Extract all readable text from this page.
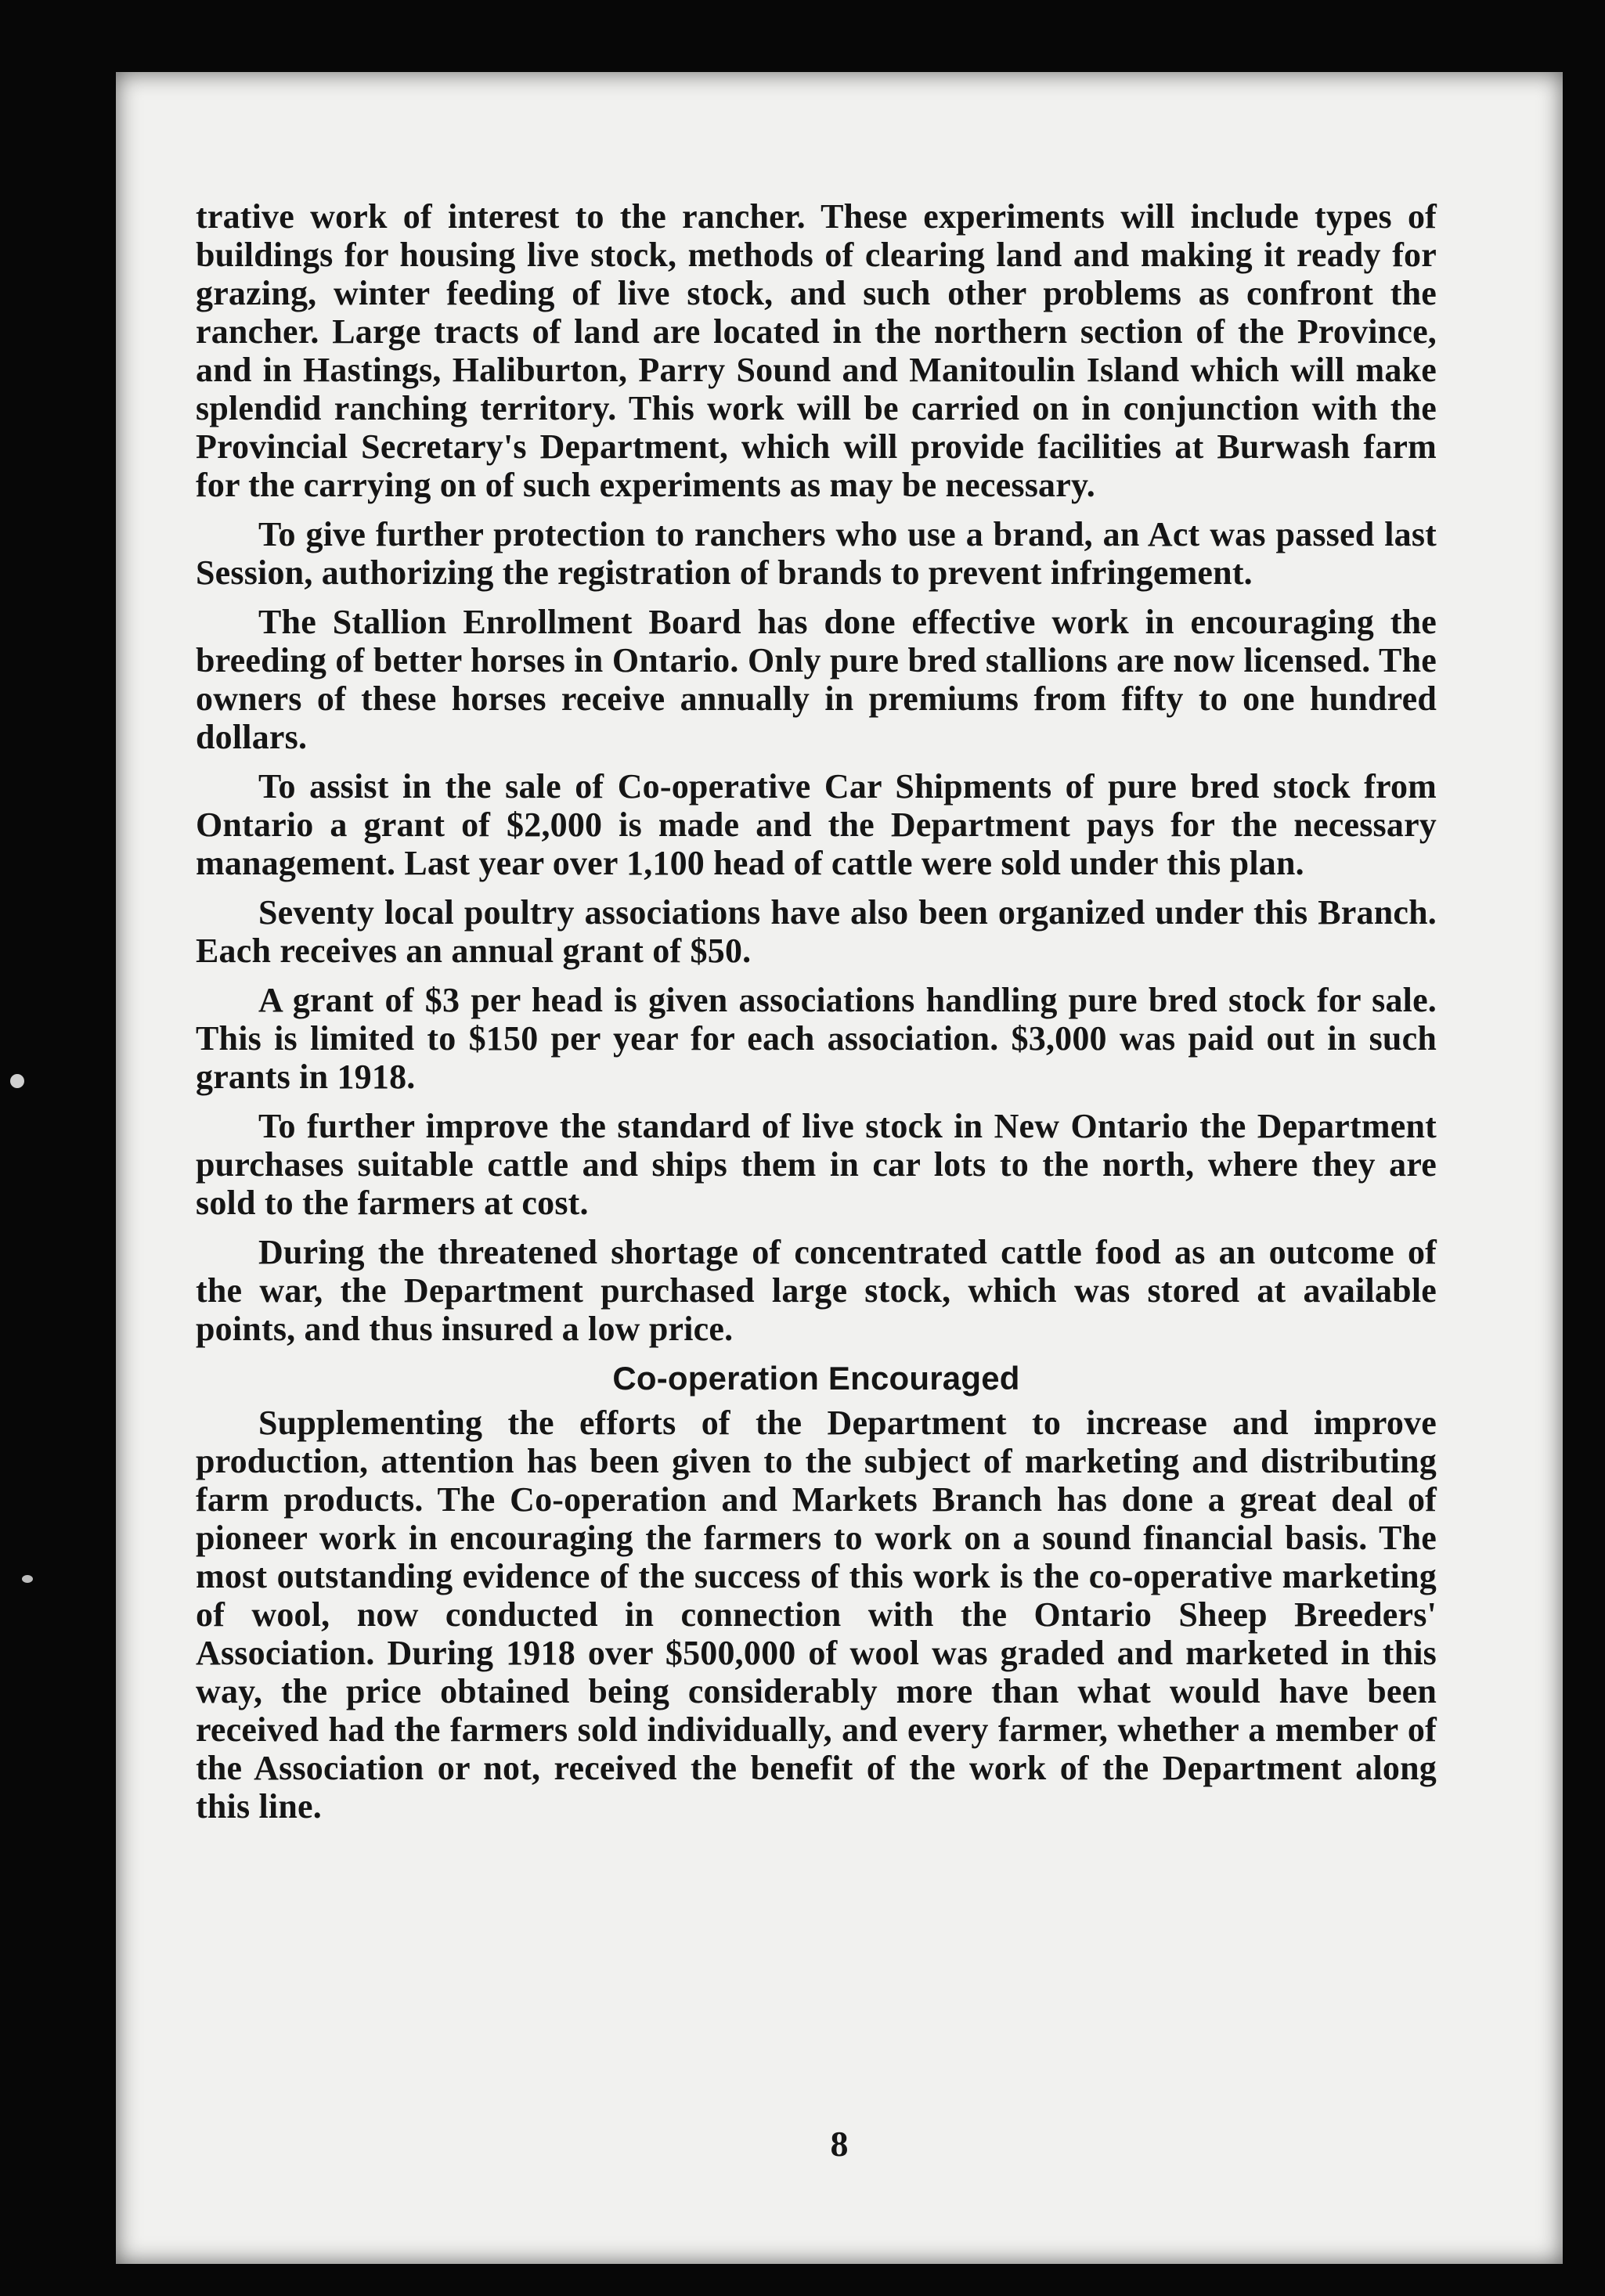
trative work of interest to the rancher. These experiments will include types of buildings for housing live stock, methods of clearing land and making it ready for grazing, winter feeding of live stock, and such other problems as confront the rancher. Large tracts of land are located in the northern section of the Province, and in Hastings, Haliburton, Parry Sound and Manitoulin Island which will make splendid ranching territory. This work will be carried on in conjunction with the Provincial Secretary's Department, which will provide facilities at Burwash farm for the carrying on of such experiments as may be necessary.

To give further protection to ranchers who use a brand, an Act was passed last Session, authorizing the registration of brands to prevent infringement.

The Stallion Enrollment Board has done effective work in encouraging the breeding of better horses in Ontario. Only pure bred stallions are now licensed. The owners of these horses receive annually in premiums from fifty to one hundred dollars.

To assist in the sale of Co-operative Car Shipments of pure bred stock from Ontario a grant of $2,000 is made and the Department pays for the necessary management. Last year over 1,100 head of cattle were sold under this plan.

Seventy local poultry associations have also been organized under this Branch. Each receives an annual grant of $50.

A grant of $3 per head is given associations handling pure bred stock for sale. This is limited to $150 per year for each association. $3,000 was paid out in such grants in 1918.

To further improve the standard of live stock in New Ontario the Department purchases suitable cattle and ships them in car lots to the north, where they are sold to the farmers at cost.

During the threatened shortage of concentrated cattle food as an outcome of the war, the Department purchased large stock, which was stored at available points, and thus insured a low price.

Co-operation Encouraged

Supplementing the efforts of the Department to increase and improve production, attention has been given to the subject of marketing and distributing farm products. The Co-operation and Markets Branch has done a great deal of pioneer work in encouraging the farmers to work on a sound financial basis. The most outstanding evidence of the success of this work is the co-operative marketing of wool, now conducted in connection with the Ontario Sheep Breeders' Association. During 1918 over $500,000 of wool was graded and marketed in this way, the price obtained being considerably more than what would have been received had the farmers sold individually, and every farmer, whether a member of the Association or not, received the benefit of the work of the Department along this line.

8
